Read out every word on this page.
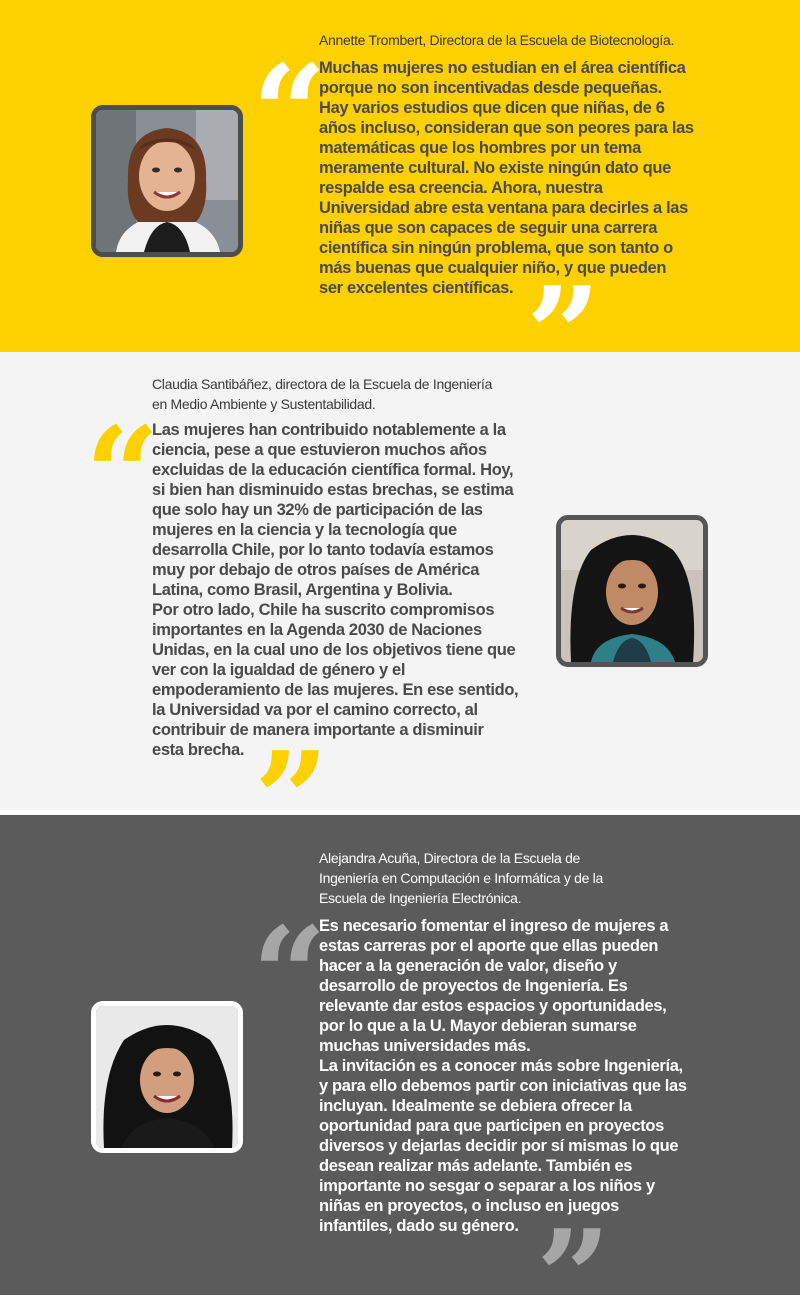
Annette Trombert, Directora de la Escuela de Biotecnología.
“
Muchas mujeres no estudian en el área científica
porque no son incentivadas desde pequeñas.
Hay varios estudios que dicen que niñas, de 6
años incluso, consideran que son peores para las
matemáticas que los hombres por un tema
meramente cultural. No existe ningún dato que
respalde esa creencia. Ahora, nuestra
Universidad abre esta ventana para decirles a las
niñas que son capaces de seguir una carrera
científica sin ningún problema, que son tanto o
más buenas que cualquier niño, y que pueden
ser excelentes científicas. ”
Claudia Santibáñez, directora de la Escuela de Ingeniería
en Medio Ambiente y Sustentabilidad.
“
Las mujeres han contribuido notablemente a la
ciencia, pese a que estuvieron muchos años
excluidas de la educación científica formal. Hoy,
si bien han disminuido estas brechas, se estima
que solo hay un 32% de participación de las
mujeres en la ciencia y la tecnología que
desarrolla Chile, por lo tanto todavía estamos
muy por debajo de otros países de América
Latina, como Brasil, Argentina y Bolivia.
Por otro lado, Chile ha suscrito compromisos
importantes en la Agenda 2030 de Naciones
Unidas, en la cual uno de los objetivos tiene que
ver con la igualdad de género y el
empoderamiento de las mujeres. En ese sentido,
la Universidad va por el camino correcto, al
contribuir de manera importante a disminuir
esta brecha. ”
Alejandra Acuña, Directora de la Escuela de
Ingeniería en Computación e Informática y de la
Escuela de Ingeniería Electrónica.
“
Es necesario fomentar el ingreso de mujeres a
estas carreras por el aporte que ellas pueden
hacer a la generación de valor, diseño y
desarrollo de proyectos de Ingeniería. Es
relevante dar estos espacios y oportunidades,
por lo que a la U. Mayor debieran sumarse
muchas universidades más.
La invitación es a conocer más sobre Ingeniería,
y para ello debemos partir con iniciativas que las
incluyan. Idealmente se debiera ofrecer la
oportunidad para que participen en proyectos
diversos y dejarlas decidir por sí mismas lo que
desean realizar más adelante. También es
importante no sesgar o separar a los niños y
niñas en proyectos, o incluso en juegos
infantiles, dado su género. ”
